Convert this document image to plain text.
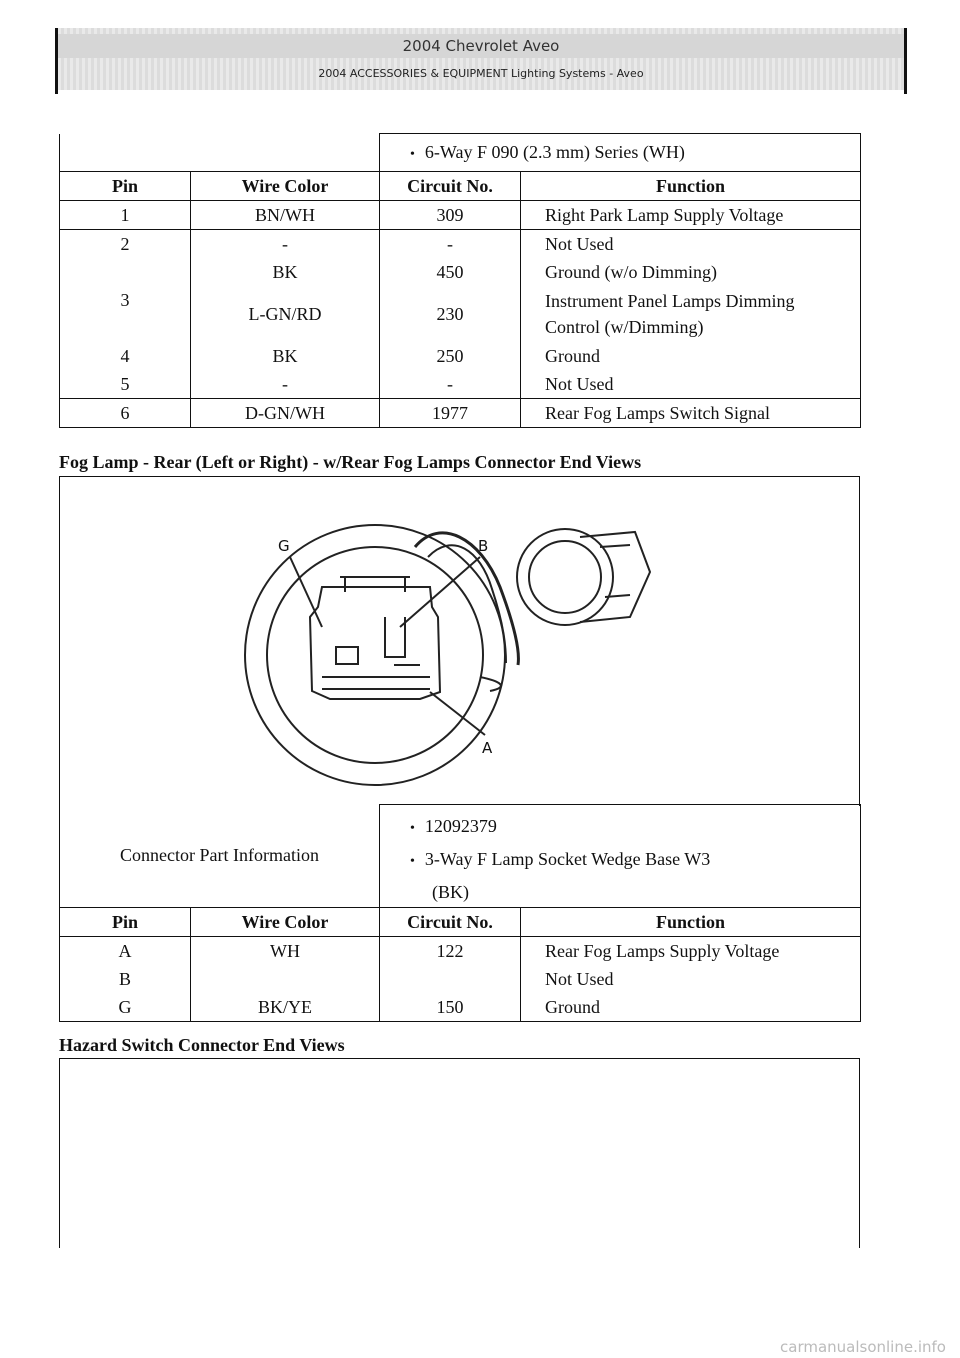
2004 Chevrolet Aveo
2004 ACCESSORIES & EQUIPMENT Lighting Systems - Aveo
		• 6-Way F 090 (2.3 mm) Series (WH)
Pin	Wire Color	Circuit No.	Function
1	BN/WH	309	Right Park Lamp Supply Voltage
2	-	-	Not Used
3	BK	450	Ground (w/o Dimming)
	L-GN/RD	230	Instrument Panel Lamps Dimming
Control (w/Dimming)
4	BK	250	Ground
5	-	-	Not Used
6	D-GN/WH	1977	Rear Fog Lamps Switch Signal
Fog Lamp - Rear (Left or Right) - w/Rear Fog Lamps Connector End Views
G	B
A
Connector Part Information		• 12092379
• 3-Way F Lamp Socket Wedge Base W3
(BK)
Pin	Wire Color	Circuit No.	Function
A	WH	122	Rear Fog Lamps Supply Voltage
B			Not Used
G	BK/YE	150	Ground
Hazard Switch Connector End Views
carmanualsonline.info
